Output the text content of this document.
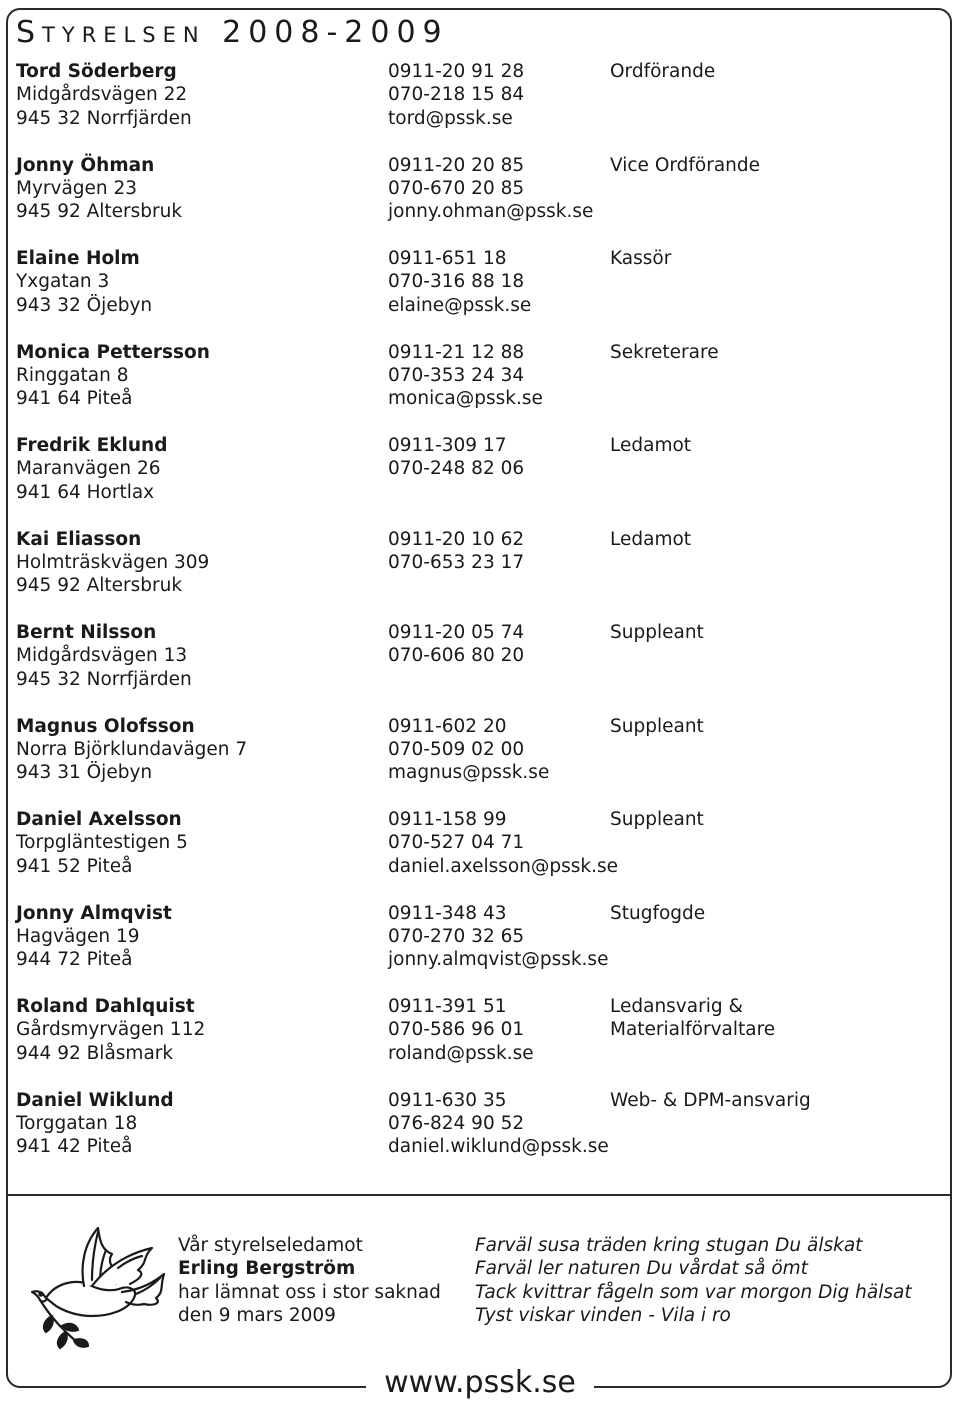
Styrelsen 2008-2009
Tord Söderberg
Midgårdsvägen 22
945 32 Norrfjärden
0911-20 91 28
070-218 15 84
tord@pssk.se
Ordförande
Jonny Öhman
Myrvägen 23
945 92 Altersbruk
0911-20 20 85
070-670 20 85
jonny.ohman@pssk.se
Vice Ordförande
Elaine Holm
Yxgatan 3
943 32 Öjebyn
0911-651 18
070-316 88 18
elaine@pssk.se
Kassör
Monica Pettersson
Ringgatan 8
941 64 Piteå
0911-21 12 88
070-353 24 34
monica@pssk.se
Sekreterare
Fredrik Eklund
Maranvägen 26
941 64 Hortlax
0911-309 17
070-248 82 06
Ledamot
Kai Eliasson
Holmträskvägen 309
945 92 Altersbruk
0911-20 10 62
070-653 23 17
Ledamot
Bernt Nilsson
Midgårdsvägen 13
945 32 Norrfjärden
0911-20 05 74
070-606 80 20
Suppleant
Magnus Olofsson
Norra Björklundavägen 7
943 31 Öjebyn
0911-602 20
070-509 02 00
magnus@pssk.se
Suppleant
Daniel Axelsson
Torpgläntestigen 5
941 52 Piteå
0911-158 99
070-527 04 71
daniel.axelsson@pssk.se
Suppleant
Jonny Almqvist
Hagvägen 19
944 72 Piteå
0911-348 43
070-270 32 65
jonny.almqvist@pssk.se
Stugfogde
Roland Dahlquist
Gårdsmyrvägen 112
944 92 Blåsmark
0911-391 51
070-586 96 01
roland@pssk.se
Ledansvarig &
Materialförvaltare
Daniel Wiklund
Torggatan 18
941 42 Piteå
0911-630 35
076-824 90 52
daniel.wiklund@pssk.se
Web- & DPM-ansvarig
Vår styrelseledamot
Erling Bergström
har lämnat oss i stor saknad
den 9 mars 2009
Farväl susa träden kring stugan Du älskat
Farväl ler naturen Du vårdat så ömt
Tack kvittrar fågeln som var morgon Dig hälsat
Tyst viskar vinden - Vila i ro
www.pssk.se
